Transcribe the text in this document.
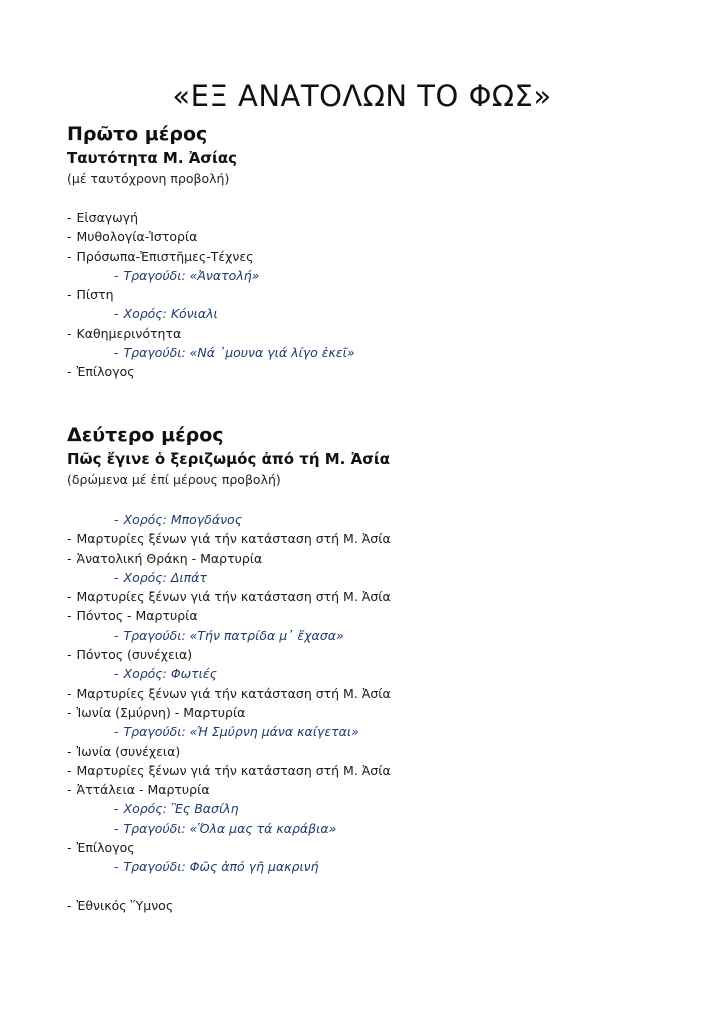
«ΕΞ ΑΝΑΤΟΛΩΝ ΤΟ ΦΩΣ»
Πρῶτο μέρος
Ταυτότητα Μ. Ἀσίας

(μέ ταυτόχρονη προβολή)

- Εἰσαγωγή
- Μυθολογία-Ἱστορία
- Πρόσωπα-Ἐπιστῆμες-Τέχνες
- Τραγούδι: «Ἀνατολή»
- Πίστη
- Χορός: Κόνιαλι
- Καθημερινότητα
- Τραγούδι: «Νά ᾽μουνα γιά λίγο ἐκεῖ»
- Ἐπίλογος
Δεύτερο μέρος
Πῶς ἔγινε ὁ ξεριζωμός ἀπό τή Μ. Ἀσία

(δρώμενα μέ ἐπί μέρους προβολή)

- Χορός: Μπογδάνος
- Μαρτυρίες ξένων γιά τήν κατάσταση στή Μ. Ἀσία
- Ἀνατολική Θράκη - Μαρτυρία
- Χορός: Διπάτ
- Μαρτυρίες ξένων γιά τήν κατάσταση στή Μ. Ἀσία
- Πόντος - Μαρτυρία
- Τραγούδι: «Τήν πατρίδα μ᾽ ἔχασα»
- Πόντος (συνέχεια)
- Χορός: Φωτιές
- Μαρτυρίες ξένων γιά τήν κατάσταση στή Μ. Ἀσία
- Ἰωνία (Σμύρνη) - Μαρτυρία
- Τραγούδι: «Ἡ Σμύρνη μάνα καίγεται»
- Ἰωνία (συνέχεια)
- Μαρτυρίες ξένων γιά τήν κατάσταση στή Μ. Ἀσία
- Ἀττάλεια - Μαρτυρία
- Χορός: Ἒς Βασίλη
- Τραγούδι: «Ὅλα μας τά καράβια»
- Ἐπίλογος
- Τραγούδι: Φῶς ἀπό γῆ μακρινή
- Ἐθνικός Ὕμνος
